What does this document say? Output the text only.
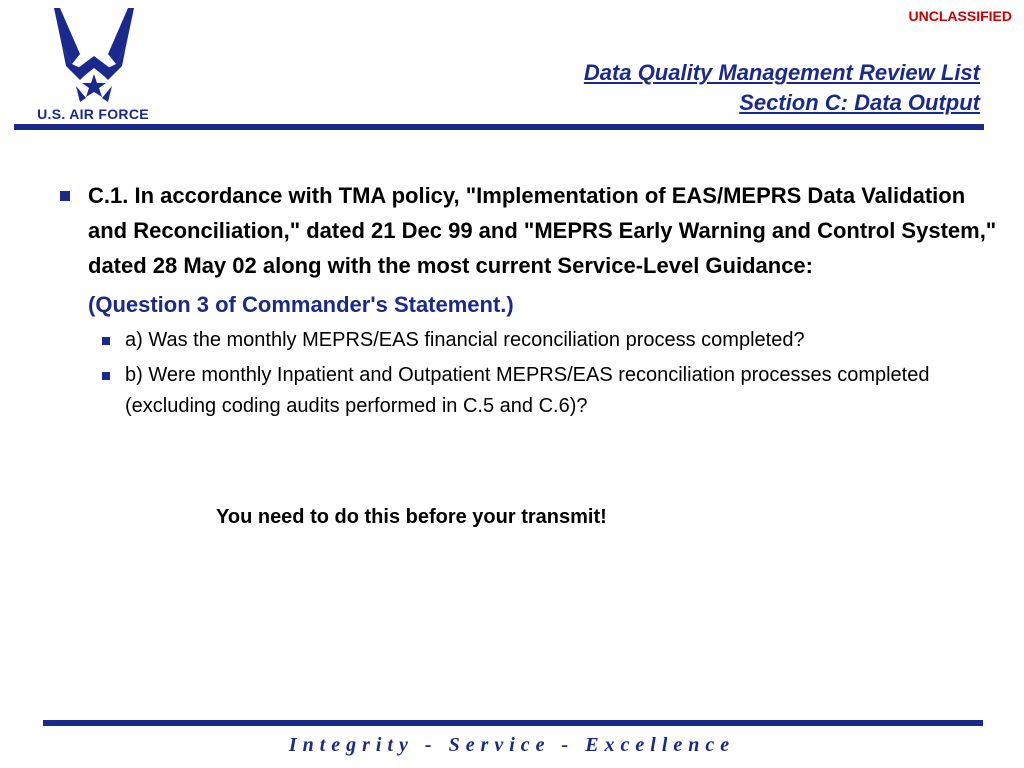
UNCLASSIFIED
U.S. AIR FORCE
Data Quality Management Review List
Section C: Data Output
C.1. In accordance with TMA policy, "Implementation of EAS/MEPRS Data Validation and Reconciliation," dated 21 Dec 99 and "MEPRS Early Warning and Control System," dated 28 May 02 along with the most current Service-Level Guidance:
(Question 3 of Commander's Statement.)
a) Was the monthly MEPRS/EAS financial reconciliation process completed?
b) Were monthly Inpatient and Outpatient MEPRS/EAS reconciliation processes completed (excluding coding audits performed in C.5 and C.6)?
You need to do this before your transmit!
Integrity - Service - Excellence
